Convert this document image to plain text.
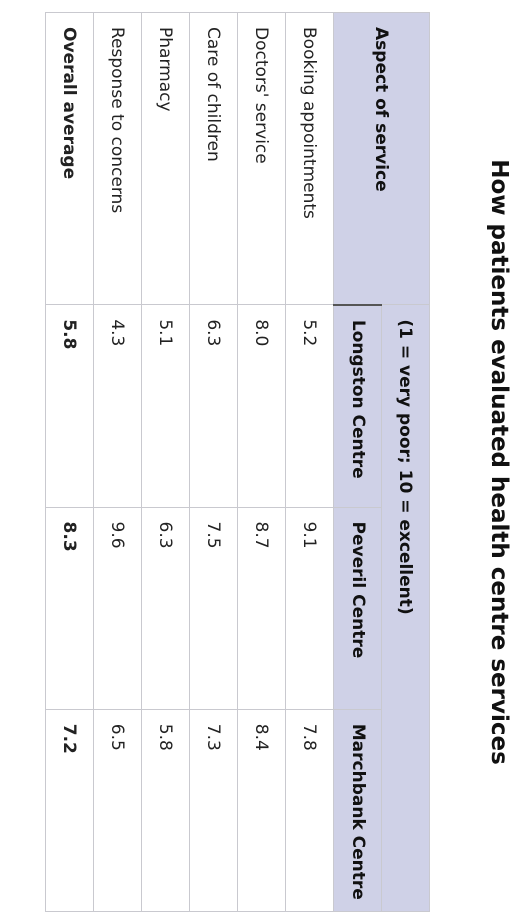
How patients evaluated health centre services
Aspect of service	(1 = very poor; 10 = excellent)		
	Longston Centre	Peveril Centre	Marchbank Centre
Booking appointments	5.2	9.1	7.8
Doctors' service	8.0	8.7	8.4
Care of children	6.3	7.5	7.3
Pharmacy	5.1	6.3	5.8
Response to concerns	4.3	9.6	6.5
Overall average	5.8	8.3	7.2
